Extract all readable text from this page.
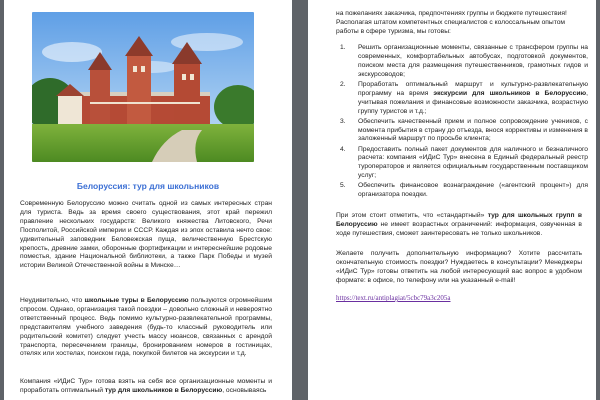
Белоруссия: тур для школьников

Современную Белоруссию можно считать одной из самых интересных стран для туриста. Ведь за время своего существования, этот край пережил правление нескольких государств: Великого княжества Литовского, Речи Посполитой, Российской империи и СССР. Каждая из эпох оставила нечто свое: удивительный заповедник Беловежская пуща, величественную Брестскую крепость, древние замки, оборонные фортификации и интереснейшие родовые поместья, здание Национальной библиотеки, а также Парк Победы и музей истории Великой Отечественной войны в Минске…

Неудивительно, что школьные туры в Белоруссию пользуются огромнейшим спросом. Однако, организация такой поездки – довольно сложный и невероятно ответственный процесс. Ведь помимо культурно-развлекательной программы, представителям учебного заведения (будь-то классный руководитель или родительский комитет) следует учесть массу нюансов, связанных с арендой транспорта, пересечением границы, бронированием номеров в гостиницах, отелях или хостелах, поиском гида, покупкой билетов на экскурсии и т.д.

Компания «ИДиС Тур» готова взять на себя все организационные моменты и проработать оптимальный тур для школьников в Белоруссию, основываясь

на пожеланиях заказчика, предпочтениях группы и бюджете путешествия! Располагая штатом компетентных специалистов с колоссальным опытом работы в сфере туризма, мы готовы:

1. Решить организационные моменты, связанные с трансфером группы на современных, комфортабельных автобусах, подготовкой документов, поиском места для размещения путешественников, грамотных гидов и экскурсоводов;
2. Проработать оптимальный маршрут и культурно-развлекательную программу на время экскурсии для школьников в Белоруссию, учитывая пожелания и финансовые возможности заказчика, возрастную группу туристов и т.д.;
3. Обеспечить качественный прием и полное сопровождение учеников, с момента прибытия в страну до отъезда, внося коррективы и изменения в заложенный маршрут по просьбе клиента;
4. Предоставить полный пакет документов для наличного и безналичного расчета: компания «ИДиС Тур» внесена в Единый федеральный реестр туроператоров и является официальным государственным поставщиком услуг;
5. Обеспечить финансовое вознаграждение («агентский процент») для организатора поездки.

При этом стоит отметить, что «стандартный» тур для школьных групп в Белоруссию не имеет возрастных ограничений: информация, озвученная в ходе путешествия, сможет заинтересовать не только школьников.

Желаете получить дополнительную информацию? Хотите рассчитать окончательную стоимость поездки? Нуждаетесь в консультации? Менеджеры «ИДиС Тур» готовы ответить на любой интересующий вас вопрос в удобном формате: в офисе, по телефону или на указанный e-mail!

https://text.ru/antiplagiat/5cbc79a3c205a
